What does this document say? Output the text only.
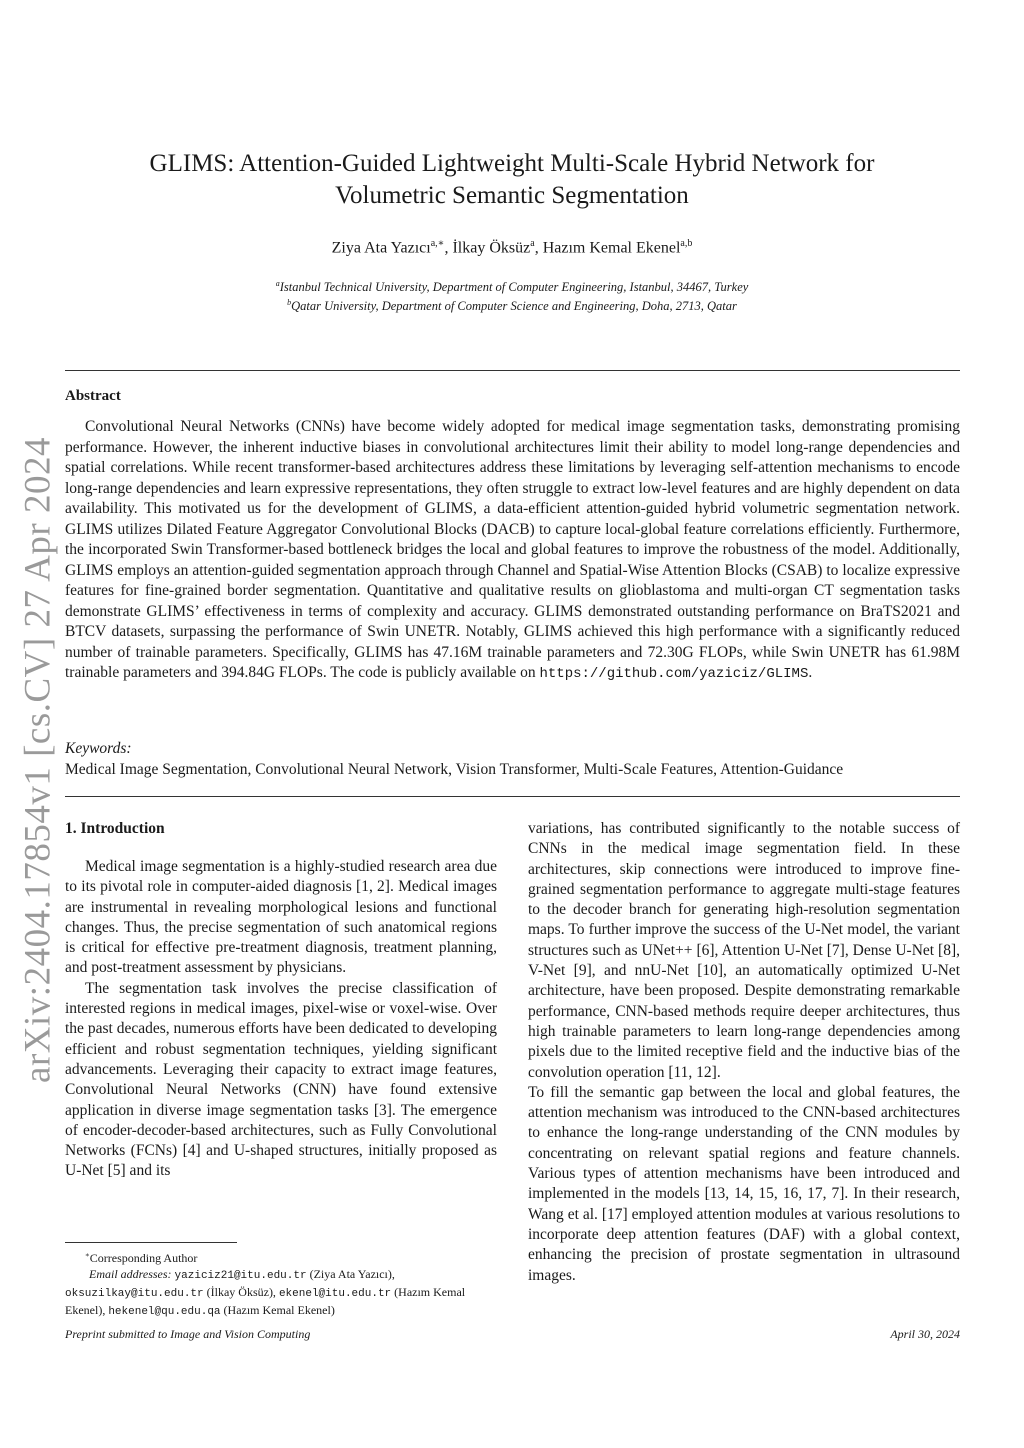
arXiv:2404.17854v1 [cs.CV] 27 Apr 2024
GLIMS: Attention-Guided Lightweight Multi-Scale Hybrid Network for
Volumetric Semantic Segmentation
Ziya Ata Yazıcı$^{a,∗}$, İlkay Öksüz$^a$, Hazım Kemal Ekenel$^{a,b}$
$^a$Istanbul Technical University, Department of Computer Engineering, Istanbul, 34467, Turkey
$^b$Qatar University, Department of Computer Science and Engineering, Doha, 2713, Qatar
Abstract

Convolutional Neural Networks (CNNs) have become widely adopted for medical image segmentation tasks, demonstrating promising performance. However, the inherent inductive biases in convolutional architectures limit their ability to model long-range dependencies and spatial correlations. While recent transformer-based architectures address these limitations by leveraging self-attention mechanisms to encode long-range dependencies and learn expressive representations, they often struggle to extract low-level features and are highly dependent on data availability. This motivated us for the development of GLIMS, a data-efficient attention-guided hybrid volumetric segmentation network. GLIMS utilizes Dilated Feature Aggregator Convolutional Blocks (DACB) to capture local-global feature correlations efficiently. Furthermore, the incorporated Swin Transformer-based bottleneck bridges the local and global features to improve the robustness of the model. Additionally, GLIMS employs an attention-guided segmentation approach through Channel and Spatial-Wise Attention Blocks (CSAB) to localize expressive features for fine-grained border segmentation. Quantitative and qualitative results on glioblastoma and multi-organ CT segmentation tasks demonstrate GLIMS’ effectiveness in terms of complexity and accuracy. GLIMS demonstrated outstanding performance on BraTS2021 and BTCV datasets, surpassing the performance of Swin UNETR. Notably, GLIMS achieved this high performance with a significantly reduced number of trainable parameters. Specifically, GLIMS has 47.16M trainable parameters and 72.30G FLOPs, while Swin UNETR has 61.98M trainable parameters and 394.84G FLOPs. The code is publicly available on https://github.com/yaziciz/GLIMS.

Keywords:
Medical Image Segmentation, Convolutional Neural Network, Vision Transformer, Multi-Scale Features, Attention-Guidance
1. Introduction

Medical image segmentation is a highly-studied research area due to its pivotal role in computer-aided diagnosis [1, 2]. Medical images are instrumental in revealing morphological lesions and functional changes. Thus, the precise segmentation of such anatomical regions is critical for effective pre-treatment diagnosis, treatment planning, and post-treatment assessment by physicians.

The segmentation task involves the precise classification of interested regions in medical images, pixel-wise or voxel-wise. Over the past decades, numerous efforts have been dedicated to developing efficient and robust segmentation techniques, yielding significant advancements. Leveraging their capacity to extract image features, Convolutional Neural Networks (CNN) have found extensive application in diverse image segmentation tasks [3]. The emergence of encoder-decoder-based architectures, such as Fully Convolutional Networks (FCNs) [4] and U-shaped structures, initially proposed as U-Net [5] and its

variations, has contributed significantly to the notable success of CNNs in the medical image segmentation field. In these architectures, skip connections were introduced to improve fine-grained segmentation performance to aggregate multi-stage features to the decoder branch for generating high-resolution segmentation maps. To further improve the success of the U-Net model, the variant structures such as UNet++ [6], Attention U-Net [7], Dense U-Net [8], V-Net [9], and nnU-Net [10], an automatically optimized U-Net architecture, have been proposed. Despite demonstrating remarkable performance, CNN-based methods require deeper architectures, thus high trainable parameters to learn long-range dependencies among pixels due to the limited receptive field and the inductive bias of the convolution operation [11, 12].

To fill the semantic gap between the local and global features, the attention mechanism was introduced to the CNN-based architectures to enhance the long-range understanding of the CNN modules by concentrating on relevant spatial regions and feature channels. Various types of attention mechanisms have been introduced and implemented in the models [13, 14, 15, 16, 17, 7]. In their research, Wang et al. [17] employed attention modules at various resolutions to incorporate deep attention features (DAF) with a global context, enhancing the precision of prostate segmentation in ultrasound images.

∗Corresponding Author
Email addresses: yaziciz21@itu.edu.tr (Ziya Ata Yazıcı), oksuzilkay@itu.edu.tr (İlkay Öksüz), ekenel@itu.edu.tr (Hazım Kemal Ekenel), hekenel@qu.edu.qa (Hazım Kemal Ekenel)
Preprint submitted to Image and Vision Computing	April 30, 2024
